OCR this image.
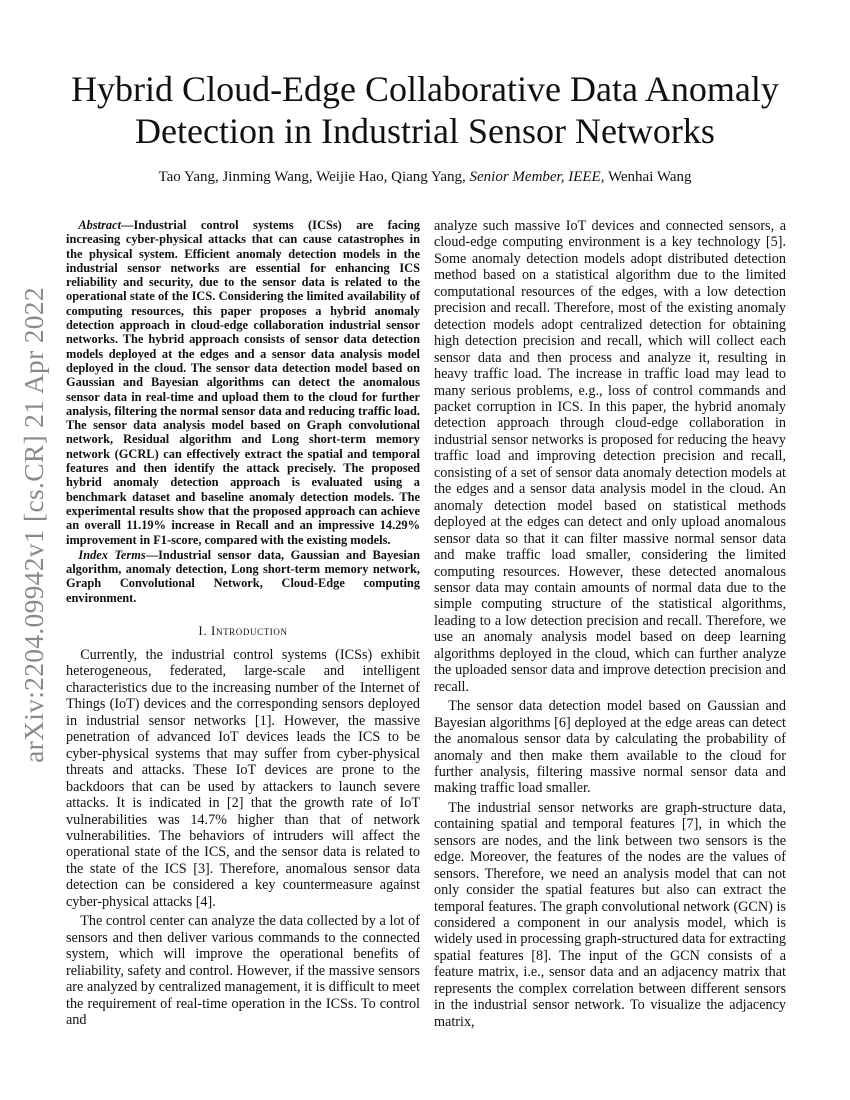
arXiv:2204.09942v1 [cs.CR] 21 Apr 2022
Hybrid Cloud-Edge Collaborative Data Anomaly Detection in Industrial Sensor Networks
Tao Yang, Jinming Wang, Weijie Hao, Qiang Yang, Senior Member, IEEE, Wenhai Wang

Abstract—Industrial control systems (ICSs) are facing increasing cyber-physical attacks that can cause catastrophes in the physical system. Efficient anomaly detection models in the industrial sensor networks are essential for enhancing ICS reliability and security, due to the sensor data is related to the operational state of the ICS. Considering the limited availability of computing resources, this paper proposes a hybrid anomaly detection approach in cloud-edge collaboration industrial sensor networks. The hybrid approach consists of sensor data detection models deployed at the edges and a sensor data analysis model deployed in the cloud. The sensor data detection model based on Gaussian and Bayesian algorithms can detect the anomalous sensor data in real-time and upload them to the cloud for further analysis, filtering the normal sensor data and reducing traffic load. The sensor data analysis model based on Graph convolutional network, Residual algorithm and Long short-term memory network (GCRL) can effectively extract the spatial and temporal features and then identify the attack precisely. The proposed hybrid anomaly detection approach is evaluated using a benchmark dataset and baseline anomaly detection models. The experimental results show that the proposed approach can achieve an overall 11.19% increase in Recall and an impressive 14.29% improvement in F1-score, compared with the existing models.

Index Terms—Industrial sensor data, Gaussian and Bayesian algorithm, anomaly detection, Long short-term memory network, Graph Convolutional Network, Cloud-Edge computing environment.

I. Introduction

Currently, the industrial control systems (ICSs) exhibit heterogeneous, federated, large-scale and intelligent characteristics due to the increasing number of the Internet of Things (IoT) devices and the corresponding sensors deployed in industrial sensor networks [1]. However, the massive penetration of advanced IoT devices leads the ICS to be cyber-physical systems that may suffer from cyber-physical threats and attacks. These IoT devices are prone to the backdoors that can be used by attackers to launch severe attacks. It is indicated in [2] that the growth rate of IoT vulnerabilities was 14.7% higher than that of network vulnerabilities. The behaviors of intruders will affect the operational state of the ICS, and the sensor data is related to the state of the ICS [3]. Therefore, anomalous sensor data detection can be considered a key countermeasure against cyber-physical attacks [4].

The control center can analyze the data collected by a lot of sensors and then deliver various commands to the connected system, which will improve the operational benefits of reliability, safety and control. However, if the massive sensors are analyzed by centralized management, it is difficult to meet the requirement of real-time operation in the ICSs. To control and

analyze such massive IoT devices and connected sensors, a cloud-edge computing environment is a key technology [5]. Some anomaly detection models adopt distributed detection method based on a statistical algorithm due to the limited computational resources of the edges, with a low detection precision and recall. Therefore, most of the existing anomaly detection models adopt centralized detection for obtaining high detection precision and recall, which will collect each sensor data and then process and analyze it, resulting in heavy traffic load. The increase in traffic load may lead to many serious problems, e.g., loss of control commands and packet corruption in ICS. In this paper, the hybrid anomaly detection approach through cloud-edge collaboration in industrial sensor networks is proposed for reducing the heavy traffic load and improving detection precision and recall, consisting of a set of sensor data anomaly detection models at the edges and a sensor data analysis model in the cloud. An anomaly detection model based on statistical methods deployed at the edges can detect and only upload anomalous sensor data so that it can filter massive normal sensor data and make traffic load smaller, considering the limited computing resources. However, these detected anomalous sensor data may contain amounts of normal data due to the simple computing structure of the statistical algorithms, leading to a low detection precision and recall. Therefore, we use an anomaly analysis model based on deep learning algorithms deployed in the cloud, which can further analyze the uploaded sensor data and improve detection precision and recall.

The sensor data detection model based on Gaussian and Bayesian algorithms [6] deployed at the edge areas can detect the anomalous sensor data by calculating the probability of anomaly and then make them available to the cloud for further analysis, filtering massive normal sensor data and making traffic load smaller.

The industrial sensor networks are graph-structure data, containing spatial and temporal features [7], in which the sensors are nodes, and the link between two sensors is the edge. Moreover, the features of the nodes are the values of sensors. Therefore, we need an analysis model that can not only consider the spatial features but also can extract the temporal features. The graph convolutional network (GCN) is considered a component in our analysis model, which is widely used in processing graph-structured data for extracting spatial features [8]. The input of the GCN consists of a feature matrix, i.e., sensor data and an adjacency matrix that represents the complex correlation between different sensors in the industrial sensor network. To visualize the adjacency matrix,
